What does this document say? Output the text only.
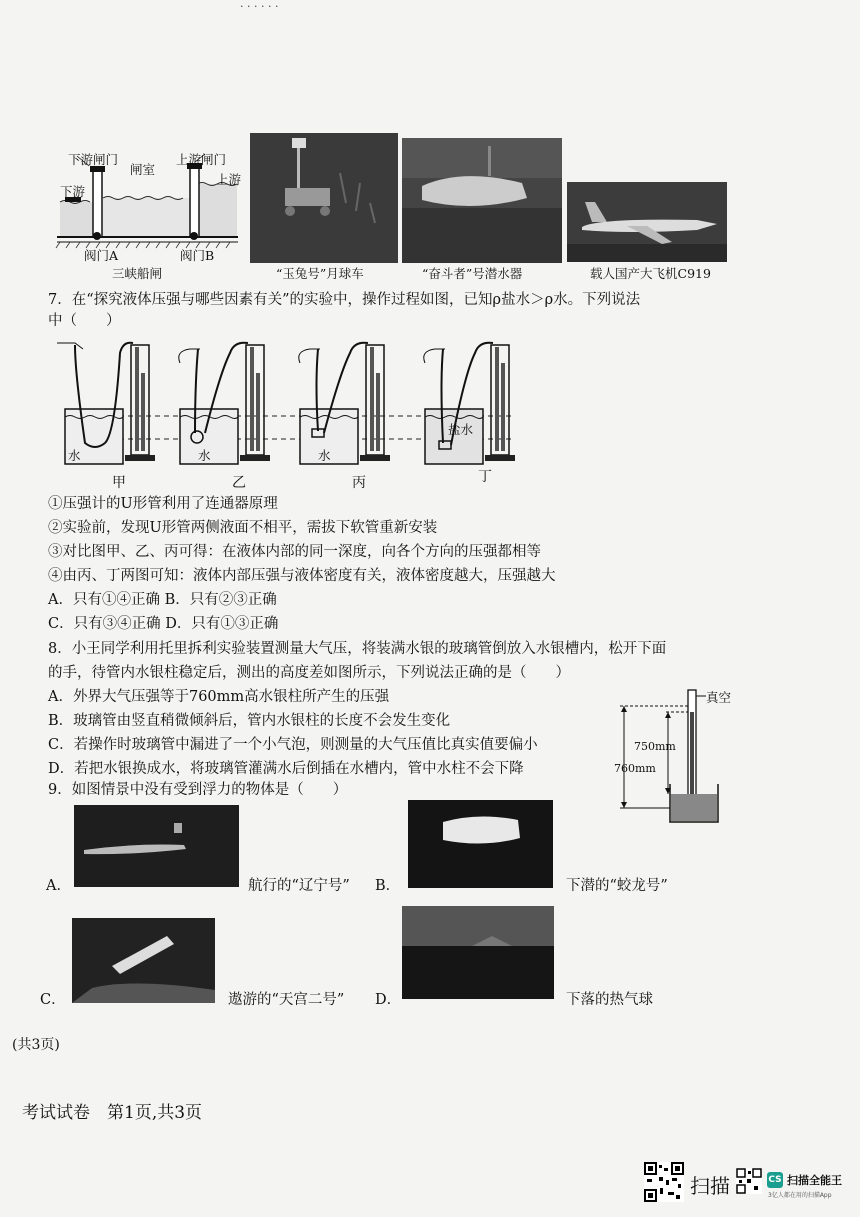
· · · · · ·
下游闸门	上游闸门
闸室
下游
上游
阀门A	阀门B
三峡船闸	“玉兔号”月球车	“奋斗者”号潜水器	载人国产大飞机C919
7．在“探究液体压强与哪些因素有关”的实验中，操作过程如图，已知ρ盐水＞ρ水。下列说法
中（　　）
水	水	水
盐水
甲	乙	丙	丁
①压强计的U形管利用了连通器原理
②实验前，发现U形管两侧液面不相平，需拔下软管重新安装
③对比图甲、乙、丙可得：在液体内部的同一深度，向各个方向的压强都相等
④由丙、丁两图可知：液体内部压强与液体密度有关，液体密度越大，压强越大
A．只有①④正确 B．只有②③正确
C．只有③④正确 D．只有①③正确
8．小王同学利用托里拆利实验装置测量大气压，将装满水银的玻璃管倒放入水银槽内，松开下面
的手，待管内水银柱稳定后，测出的高度差如图所示，下列说法正确的是（　　）
A．外界大气压强等于760mm高水银柱所产生的压强
B．玻璃管由竖直稍微倾斜后，管内水银柱的长度不会发生变化
C．若操作时玻璃管中漏进了一个小气泡，则测量的大气压值比真实值要偏小
D．若把水银换成水，将玻璃管灌满水后倒插在水槽内，管中水柱不会下降
真空
750mm
760mm
9．如图情景中没有受到浮力的物体是（　　）
A．	航行的“辽宁号” B．	下潜的“蛟龙号”
C．	遨游的“天宫二号” D．	下落的热气球
(共3页)
考试试卷　第1页,共3页
扫描	CS 扫描全能王
3亿人都在用的扫描App
